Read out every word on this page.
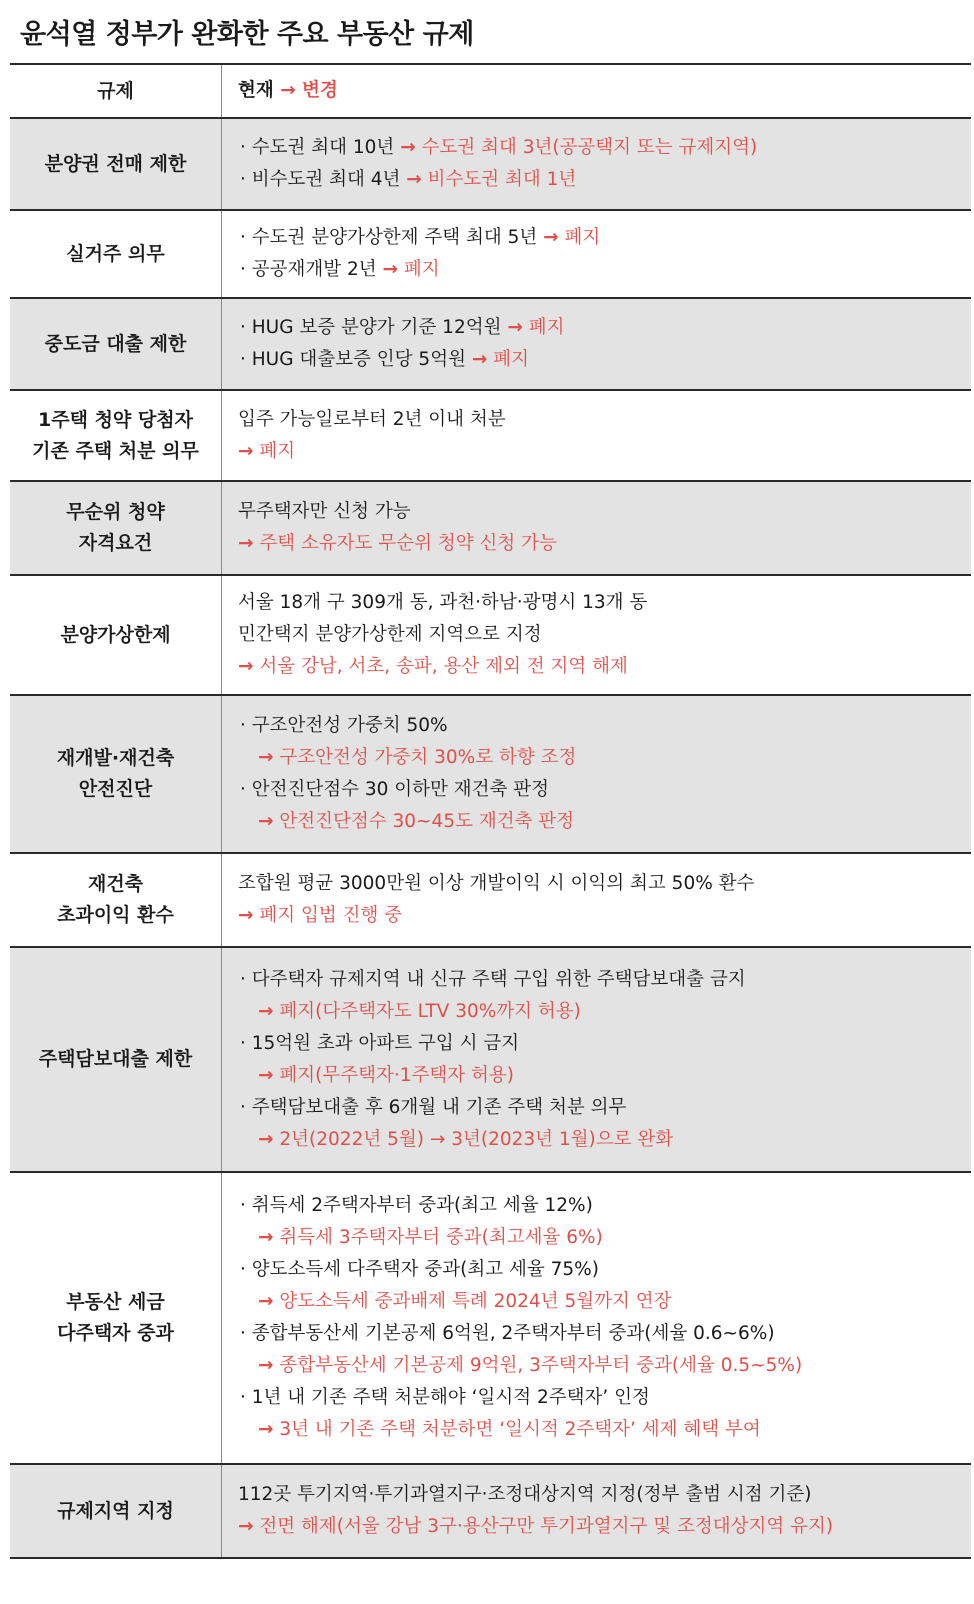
윤석열 정부가 완화한 주요 부동산 규제
규제	현재 → 변경
분양권 전매 제한
· 수도권 최대 10년 → 수도권 최대 3년(공공택지 또는 규제지역)
· 비수도권 최대 4년 → 비수도권 최대 1년
실거주 의무
· 수도권 분양가상한제 주택 최대 5년 → 폐지
· 공공재개발 2년 → 폐지
중도금 대출 제한
· HUG 보증 분양가 기준 12억원 → 폐지
· HUG 대출보증 인당 5억원 → 폐지
1주택 청약 당첨자
기존 주택 처분 의무
입주 가능일로부터 2년 이내 처분
→ 폐지
무순위 청약
자격요건
무주택자만 신청 가능
→ 주택 소유자도 무순위 청약 신청 가능
분양가상한제
서울 18개 구 309개 동, 과천·하남·광명시 13개 동
민간택지 분양가상한제 지역으로 지정
→ 서울 강남, 서초, 송파, 용산 제외 전 지역 해제
재개발·재건축
안전진단
· 구조안전성 가중치 50%
→ 구조안전성 가중치 30%로 하향 조정
· 안전진단점수 30 이하만 재건축 판정
→ 안전진단점수 30~45도 재건축 판정
재건축
초과이익 환수
조합원 평균 3000만원 이상 개발이익 시 이익의 최고 50% 환수
→ 폐지 입법 진행 중
주택담보대출 제한
· 다주택자 규제지역 내 신규 주택 구입 위한 주택담보대출 금지
→ 폐지(다주택자도 LTV 30%까지 허용)
· 15억원 초과 아파트 구입 시 금지
→ 폐지(무주택자·1주택자 허용)
· 주택담보대출 후 6개월 내 기존 주택 처분 의무
→ 2년(2022년 5월) → 3년(2023년 1월)으로 완화
부동산 세금
다주택자 중과
· 취득세 2주택자부터 중과(최고 세율 12%)
→ 취득세 3주택자부터 중과(최고세율 6%)
· 양도소득세 다주택자 중과(최고 세율 75%)
→ 양도소득세 중과배제 특례 2024년 5월까지 연장
· 종합부동산세 기본공제 6억원, 2주택자부터 중과(세율 0.6~6%)
→ 종합부동산세 기본공제 9억원, 3주택자부터 중과(세율 0.5~5%)
· 1년 내 기존 주택 처분해야 ‘일시적 2주택자’ 인정
→ 3년 내 기존 주택 처분하면 ‘일시적 2주택자’ 세제 혜택 부여
규제지역 지정
112곳 투기지역·투기과열지구·조정대상지역 지정(정부 출범 시점 기준)
→ 전면 해제(서울 강남 3구·용산구만 투기과열지구 및 조정대상지역 유지)
